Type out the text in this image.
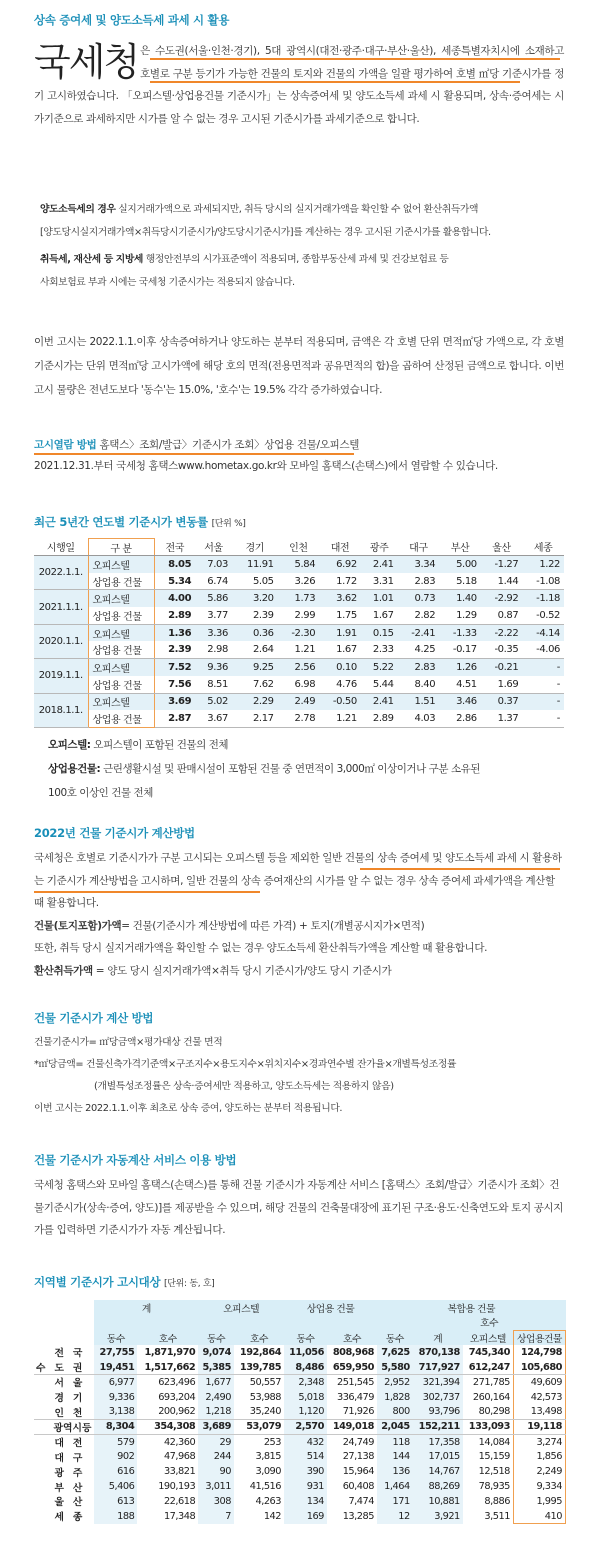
상속 증여세 및 양도소득세 과세 시 활용
국세청 은 수도권(서울·인천·경기), 5대 광역시(대전·광주·대구·부산·울산), 세종특별자치시에 소재하고 호별로 구분 등기가 가능한 건물의 토지와 건물의 가액을 일괄 평가하여 호별 ㎡당 기준시가를 정기 고시하였습니다. 「오피스텔·상업용건물 기준시가」는 상속증여세 및 양도소득세 과세 시 활용되며, 상속·증여세는 시가기준으로 과세하지만 시가를 알 수 없는 경우 고시된 기준시가를 과세기준으로 합니다.

양도소득세의 경우 실지거래가액으로 과세되지만, 취득 당시의 실지거래가액을 확인할 수 없어 환산취득가액
[양도당시실지거래가액×취득당시기준시가/양도당시기준시가]를 계산하는 경우 고시된 기준시가를 활용합니다.
취득세, 재산세 등 지방세 행정안전부의 시가표준액이 적용되며, 종합부동산세 과세 및 건강보험료 등
사회보험료 부과 시에는 국세청 기준시가는 적용되지 않습니다.

이번 고시는 2022.1.1.이후 상속증여하거나 양도하는 분부터 적용되며, 금액은 각 호별 단위 면적㎡당 가액으로, 각 호별 기준시가는 단위 면적㎡당 고시가액에 해당 호의 면적(전용면적과 공유면적의 합)을 곱하여 산정된 금액으로 합니다. 이번 고시 물량은 전년도보다 '동수'는 15.0%, '호수'는 19.5% 각각 증가하였습니다.

고시열람 방법 홈택스〉조회/발급〉기준시가 조회〉상업용 건물/오피스텔
2021.12.31.부터 국세청 홈택스www.hometax.go.kr와 모바일 홈택스(손택스)에서 열람할 수 있습니다.
최근 5년간 연도별 기준시가 변동률 [단위 %]
시행일	구 분	전국	서울	경기	인천	대전	광주	대구	부산	울산	세종
2022.1.1.	오피스텔	8.05	7.03	11.91	5.84	6.92	2.41	3.34	5.00	-1.27	1.22
	상업용 건물	5.34	6.74	5.05	3.26	1.72	3.31	2.83	5.18	1.44	-1.08
2021.1.1.	오피스텔	4.00	5.86	3.20	1.73	3.62	1.01	0.73	1.40	-2.92	-1.18
	상업용 건물	2.89	3.77	2.39	2.99	1.75	1.67	2.82	1.29	0.87	-0.52
2020.1.1.	오피스텔	1.36	3.36	0.36	-2.30	1.91	0.15	-2.41	-1.33	-2.22	-4.14
	상업용 건물	2.39	2.98	2.64	1.21	1.67	2.33	4.25	-0.17	-0.35	-4.06
2019.1.1.	오피스텔	7.52	9.36	9.25	2.56	0.10	5.22	2.83	1.26	-0.21	-
	상업용 건물	7.56	8.51	7.62	6.98	4.76	5.44	8.40	4.51	1.69	-
2018.1.1.	오피스텔	3.69	5.02	2.29	2.49	-0.50	2.41	1.51	3.46	0.37	-
	상업용 건물	2.87	3.67	2.17	2.78	1.21	2.89	4.03	2.86	1.37	-
오피스텔: 오피스텔이 포함된 건물의 전체
상업용건물: 근린생활시설 및 판매시설이 포함된 건물 중 연면적이 3,000㎡ 이상이거나 구분 소유된
100호 이상인 건물 전체
2022년 건물 기준시가 계산방법

국세청은 호별로 기준시가가 구분 고시되는 오피스텔 등을 제외한 일반 건물의 상속 증여세 및 양도소득세 과세 시 활용하는 기준시가 계산방법을 고시하며, 일반 건물의 상속 증여재산의 시가를 알 수 없는 경우 상속 증여세 과세가액을 계산할 때 활용합니다.

건물(토지포함)가액= 건물(기준시가 계산방법에 따른 가격) + 토지(개별공시지가×면적)
또한, 취득 당시 실지거래가액을 확인할 수 없는 경우 양도소득세 환산취득가액을 계산할 때 활용합니다.
환산취득가액 = 양도 당시 실지거래가액×취득 당시 기준시가/양도 당시 기준시가
건물 기준시가 계산 방법
건물기준시가= ㎡당금액×평가대상 건물 면적
*㎡당금액= 건물신축가격기준액×구조지수×용도지수×위치지수×경과연수별 잔가율×개별특성조정률
(개별특성조정률은 상속·증여세만 적용하고, 양도소득세는 적용하지 않음)
이번 고시는 2022.1.1.이후 최초로 상속 증여, 양도하는 분부터 적용됩니다.
건물 기준시가 자동계산 서비스 이용 방법

국세청 홈택스와 모바일 홈택스(손택스)를 통해 건물 기준시가 자동계산 서비스 [홈택스〉조회/발급〉기준시가 조회〉건물기준시가(상속·증여, 양도)]를 제공받을 수 있으며, 해당 건물의 건축물대장에 표기된 구조·용도·신축연도와 토지 공시지가를 입력하면 기준시가가 자동 계산됩니다.

지역별 기준시가 고시대상 [단위: 동, 호]
	계		오피스텔		상업용 건물		복합용 건물			
								호수		
	동수	호수	동수	호수	동수	호수	동수	계	오피스텔	상업용건물
전국	27,755	1,871,970	9,074	192,864	11,056	808,968	7,625	870,138	745,340	124,798
수도권	19,451	1,517,662	5,385	139,785	8,486	659,950	5,580	717,927	612,247	105,680
서울	6,977	623,496	1,677	50,557	2,348	251,545	2,952	321,394	271,785	49,609
경기	9,336	693,204	2,490	53,988	5,018	336,479	1,828	302,737	260,164	42,573
인천	3,138	200,962	1,218	35,240	1,120	71,926	800	93,796	80,298	13,498
광역시등	8,304	354,308	3,689	53,079	2,570	149,018	2,045	152,211	133,093	19,118
대전	579	42,360	29	253	432	24,749	118	17,358	14,084	3,274
대구	902	47,968	244	3,815	514	27,138	144	17,015	15,159	1,856
광주	616	33,821	90	3,090	390	15,964	136	14,767	12,518	2,249
부산	5,406	190,193	3,011	41,516	931	60,408	1,464	88,269	78,935	9,334
울산	613	22,618	308	4,263	134	7,474	171	10,881	8,886	1,995
세종	188	17,348	7	142	169	13,285	12	3,921	3,511	410
